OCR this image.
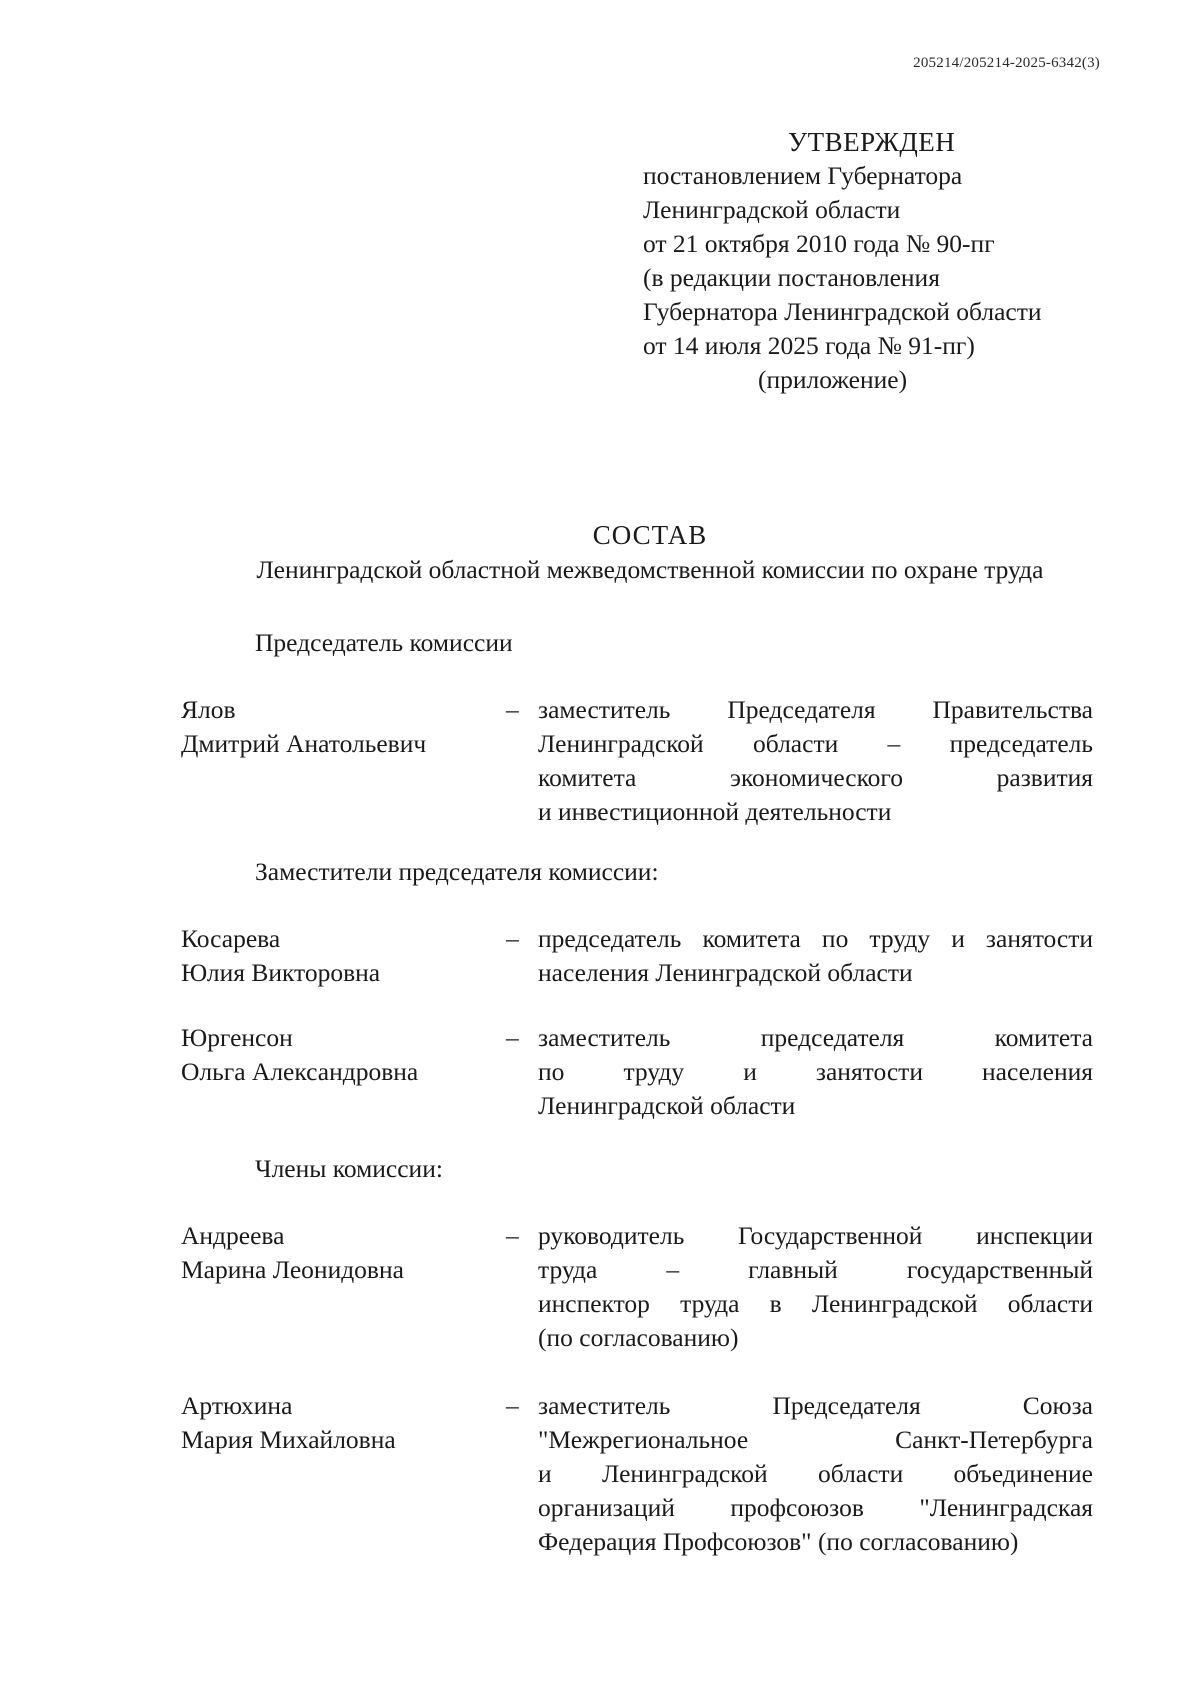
205214/205214-2025-6342(3)
УТВЕРЖДЕН
постановлением Губернатора
Ленинградской области
от 21 октября 2010 года № 90-пг
(в редакции постановления
Губернатора Ленинградской области
от 14 июля 2025 года № 91-пг)
(приложение)
СОСТАВ
Ленинградской областной межведомственной комиссии по охране труда
Председатель комиссии
Ялов
Дмитрий Анатольевич
– заместитель Председателя Правительства
Ленинградской области – председатель
комитета экономического развития
и инвестиционной деятельности
Заместители председателя комиссии:
Косарева
Юлия Викторовна
– председатель комитета по труду и занятости
населения Ленинградской области
Юргенсон
Ольга Александровна
– заместитель председателя комитета
по труду и занятости населения
Ленинградской области
Члены комиссии:
Андреева
Марина Леонидовна
– руководитель Государственной инспекции
труда – главный государственный
инспектор труда в Ленинградской области
(по согласованию)
Артюхина
Мария Михайловна
– заместитель Председателя Союза
"Межрегиональное Санкт-Петербурга
и Ленинградской области объединение
организаций профсоюзов "Ленинградская
Федерация Профсоюзов" (по согласованию)
